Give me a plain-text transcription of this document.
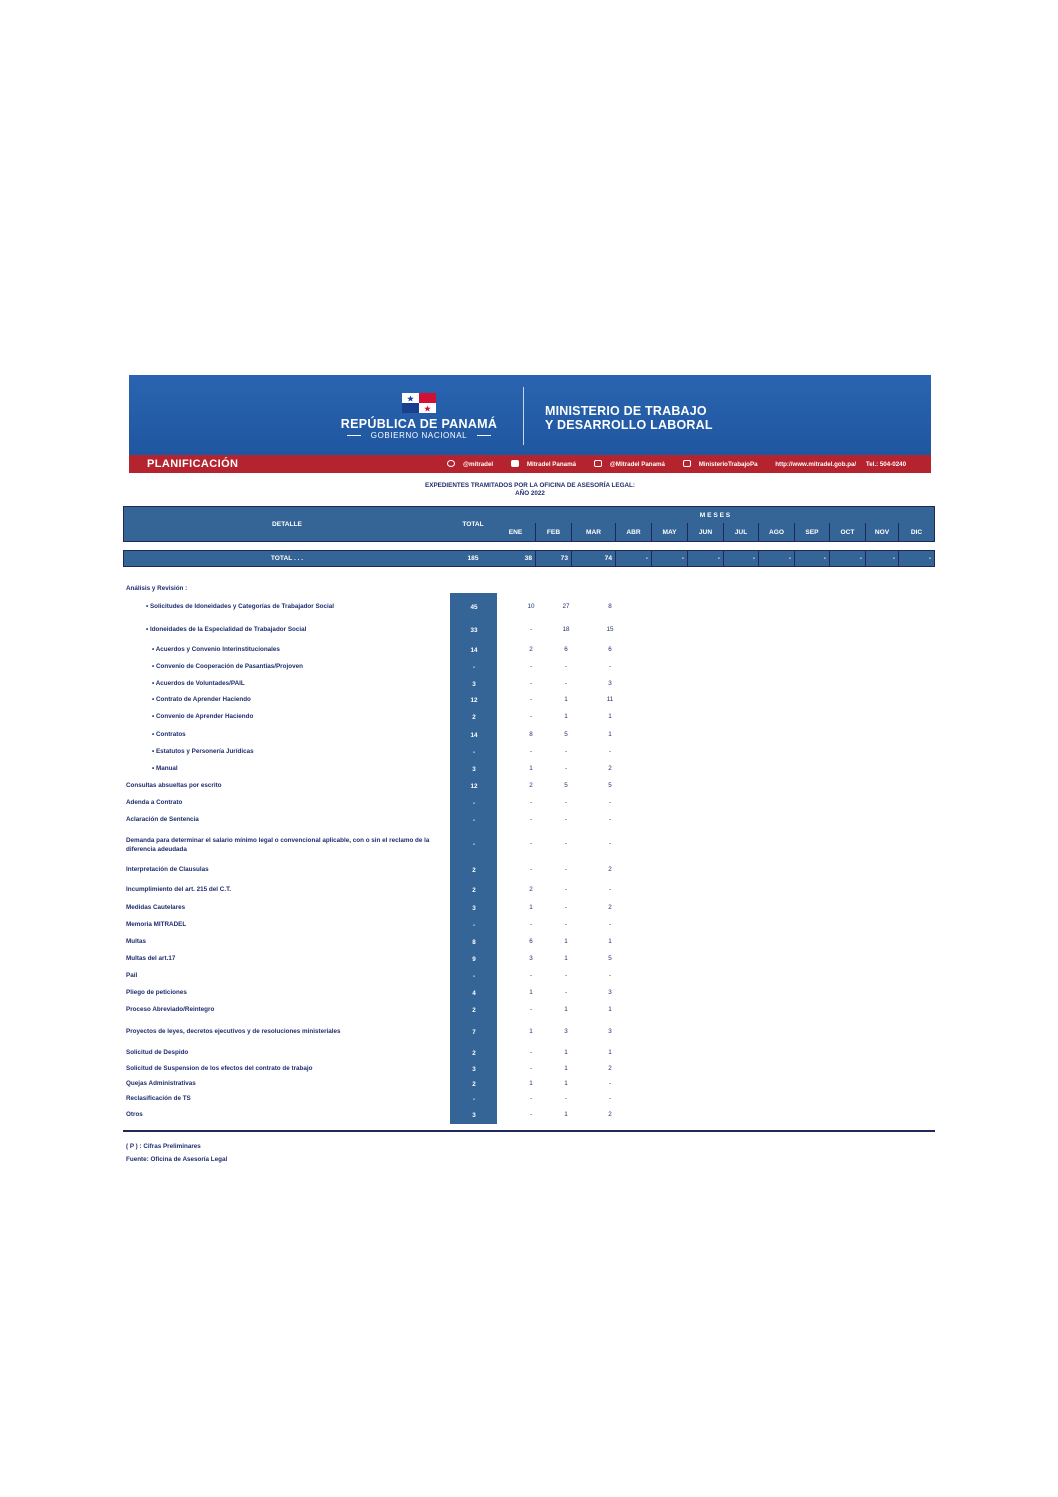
REPÚBLICA DE PANAMÁ
GOBIERNO NACIONAL
MINISTERIO DE TRABAJO
Y DESARROLLO LABORAL
PLANIFICACIÓN	@mitradel	Mitradel Panamá	@Mitradel Panamá	MinisterioTrabajoPa	http://www.mitradel.gob.pa/ Tel.: 504-0240
EXPEDIENTES TRAMITADOS POR LA OFICINA DE ASESORÍA LEGAL:
AÑO 2022
DETALLE	TOTAL
M E S E S
ENE	FEB	MAR	ABR	MAY	JUN	JUL	AGO	SEP	OCT	NOV	DIC
TOTAL . . .	185	38	73	74	-	-	-	-	-	-	-	-	-
Análisis y Revisión :
• Solicitudes de Idoneidades y Categorías de Trabajador Social	45	10	27	8
• Idoneidades de la Especialidad de Trabajador Social	33	-	18	15
• Acuerdos y Convenio Interinstitucionales	14	2	6	6
• Convenio de Cooperación de Pasantías/Projoven	-	-	-	-
• Acuerdos de Voluntades/PAIL	3	-	-	3
• Contrato de Aprender Haciendo	12	-	1	11
• Convenio de Aprender Haciendo	2	-	1	1
• Contratos	14	8	5	1
• Estatutos y Personería Jurídicas	-	-	-	-
• Manual	3	1	-	2
Consultas absueltas por escrito	12	2	5	5
Adenda a Contrato	-	-	-	-
Aclaración de Sentencia	-	-	-	-
Demanda para determinar el salario mínimo legal o convencional aplicable, con o sin el reclamo de la diferencia adeudada
-	-	-	-
Interpretación de Clausulas	2	-	-	2
Incumplimiento del art. 215 del C.T.	2	2	-	-
Medidas Cautelares	3	1	-	2
Memoria MITRADEL	-	-	-	-
Multas	8	6	1	1
Multas del art.17	9	3	1	5
Pail	-	-	-	-
Pliego de peticiones	4	1	-	3
Proceso Abreviado/Reintegro	2	-	1	1
Proyectos de leyes, decretos ejecutivos y de resoluciones ministeriales	7	1	3	3
Solicitud de Despido	2	-	1	1
Solicitud de Suspension de los efectos del contrato de trabajo	3	-	1	2
Quejas Administrativas	2	1	1	-
Reclasificación de TS	-	-	-	-
Otros	3	-	1	2
( P ) : Cifras Preliminares
Fuente: Oficina de Asesoría Legal
